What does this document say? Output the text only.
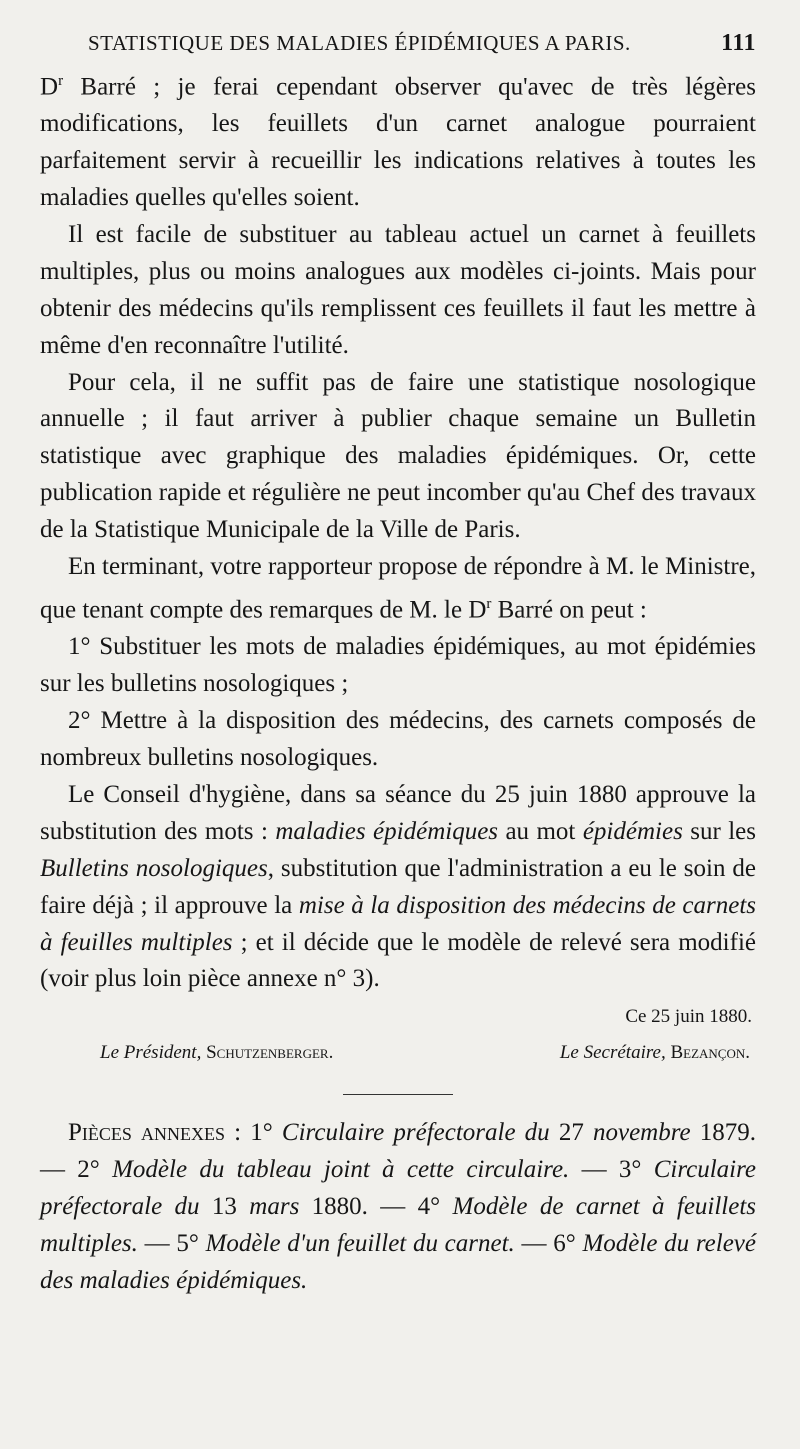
STATISTIQUE DES MALADIES ÉPIDÉMIQUES A PARIS.	111

$D^r$ Barré ; je ferai cependant observer qu'avec de très légères modifications, les feuillets d'un carnet analogue pourraient parfaitement servir à recueillir les indications relatives à toutes les maladies quelles qu'elles soient.

Il est facile de substituer au tableau actuel un carnet à feuillets multiples, plus ou moins analogues aux modèles ci-joints. Mais pour obtenir des médecins qu'ils remplissent ces feuillets il faut les mettre à même d'en reconnaître l'utilité.

Pour cela, il ne suffit pas de faire une statistique nosologique annuelle ; il faut arriver à publier chaque semaine un Bulletin statistique avec graphique des maladies épidémiques. Or, cette publication rapide et régulière ne peut incomber qu'au Chef des travaux de la Statistique Municipale de la Ville de Paris.

En terminant, votre rapporteur propose de répondre à M. le Ministre, que tenant compte des remarques de M. le $D^r$ Barré on peut :

1° Substituer les mots de maladies épidémiques, au mot épidémies sur les bulletins nosologiques ;

2° Mettre à la disposition des médecins, des carnets composés de nombreux bulletins nosologiques.

Le Conseil d'hygiène, dans sa séance du 25 juin 1880 approuve la substitution des mots : maladies épidémiques au mot épidémies sur les Bulletins nosologiques, substitution que l'administration a eu le soin de faire déjà ; il approuve la mise à la disposition des médecins de carnets à feuilles multiples ; et il décide que le modèle de relevé sera modifié (voir plus loin pièce annexe n° 3).

Ce 25 juin 1880.
Le Président, Schutzenberger.	Le Secrétaire, Bezançon.

Pièces annexes : 1° Circulaire préfectorale du 27 novembre 1879. — 2° Modèle du tableau joint à cette circulaire. — 3° Circulaire préfectorale du 13 mars 1880. — 4° Modèle de carnet à feuillets multiples. — 5° Modèle d'un feuillet du carnet. — 6° Modèle du relevé des maladies épidémiques.
